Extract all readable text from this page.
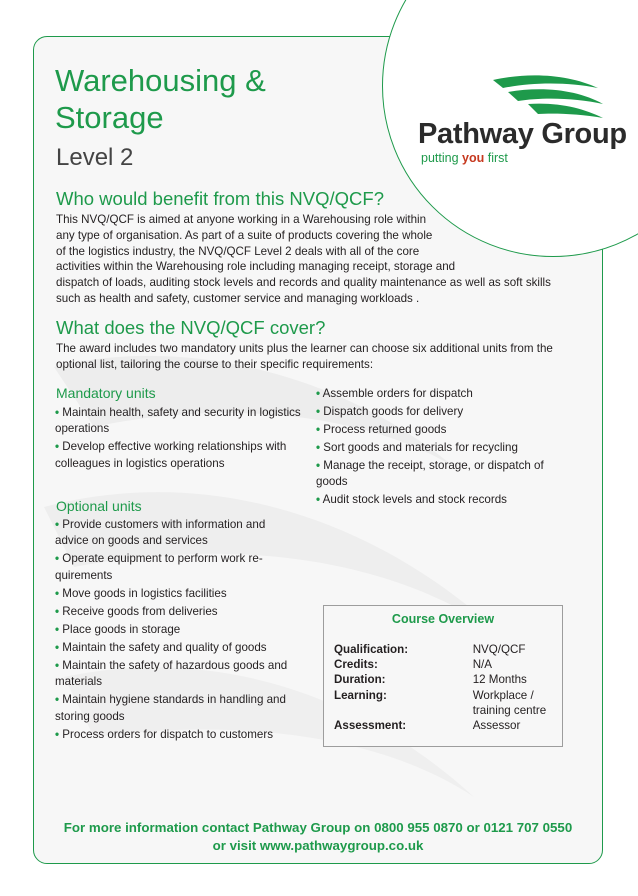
Pathway Group
putting you first
Warehousing &
Storage
Level 2
Who would benefit from this NVQ/QCF?

This NVQ/QCF is aimed at anyone working in a Warehousing role within
any type of organisation. As part of a suite of products covering the whole
of the logistics industry, the NVQ/QCF Level 2 deals with all of the core
activities within the Warehousing role including managing receipt, storage and
dispatch of loads, auditing stock levels and records and quality maintenance as well as soft skills
such as health and safety, customer service and managing workloads .

What does the NVQ/QCF cover?

The award includes two mandatory units plus the learner can choose six additional units from the
optional list, tailoring the course to their specific requirements:

Mandatory units
• Maintain health, safety and security in logistics operations
• Develop effective working relationships with colleagues in logistics operations
Optional units
• Provide customers with information and advice on goods and services
• Operate equipment to perform work re-quirements
• Move goods in logistics facilities
• Receive goods from deliveries
• Place goods in storage
• Maintain the safety and quality of goods
• Maintain the safety of hazardous goods and materials
• Maintain hygiene standards in handling and storing goods
• Process orders for dispatch to customers
• Assemble orders for dispatch
• Dispatch goods for delivery
• Process returned goods
• Sort goods and materials for recycling
• Manage the receipt, storage, or dispatch of goods
• Audit stock levels and stock records
Course Overview
Qualification:	NVQ/QCF
Credits:	N/A
Duration:	12 Months
Learning:	Workplace / training centre
Assessment:	Assessor
For more information contact Pathway Group on 0800 955 0870 or 0121 707 0550
or visit www.pathwaygroup.co.uk
